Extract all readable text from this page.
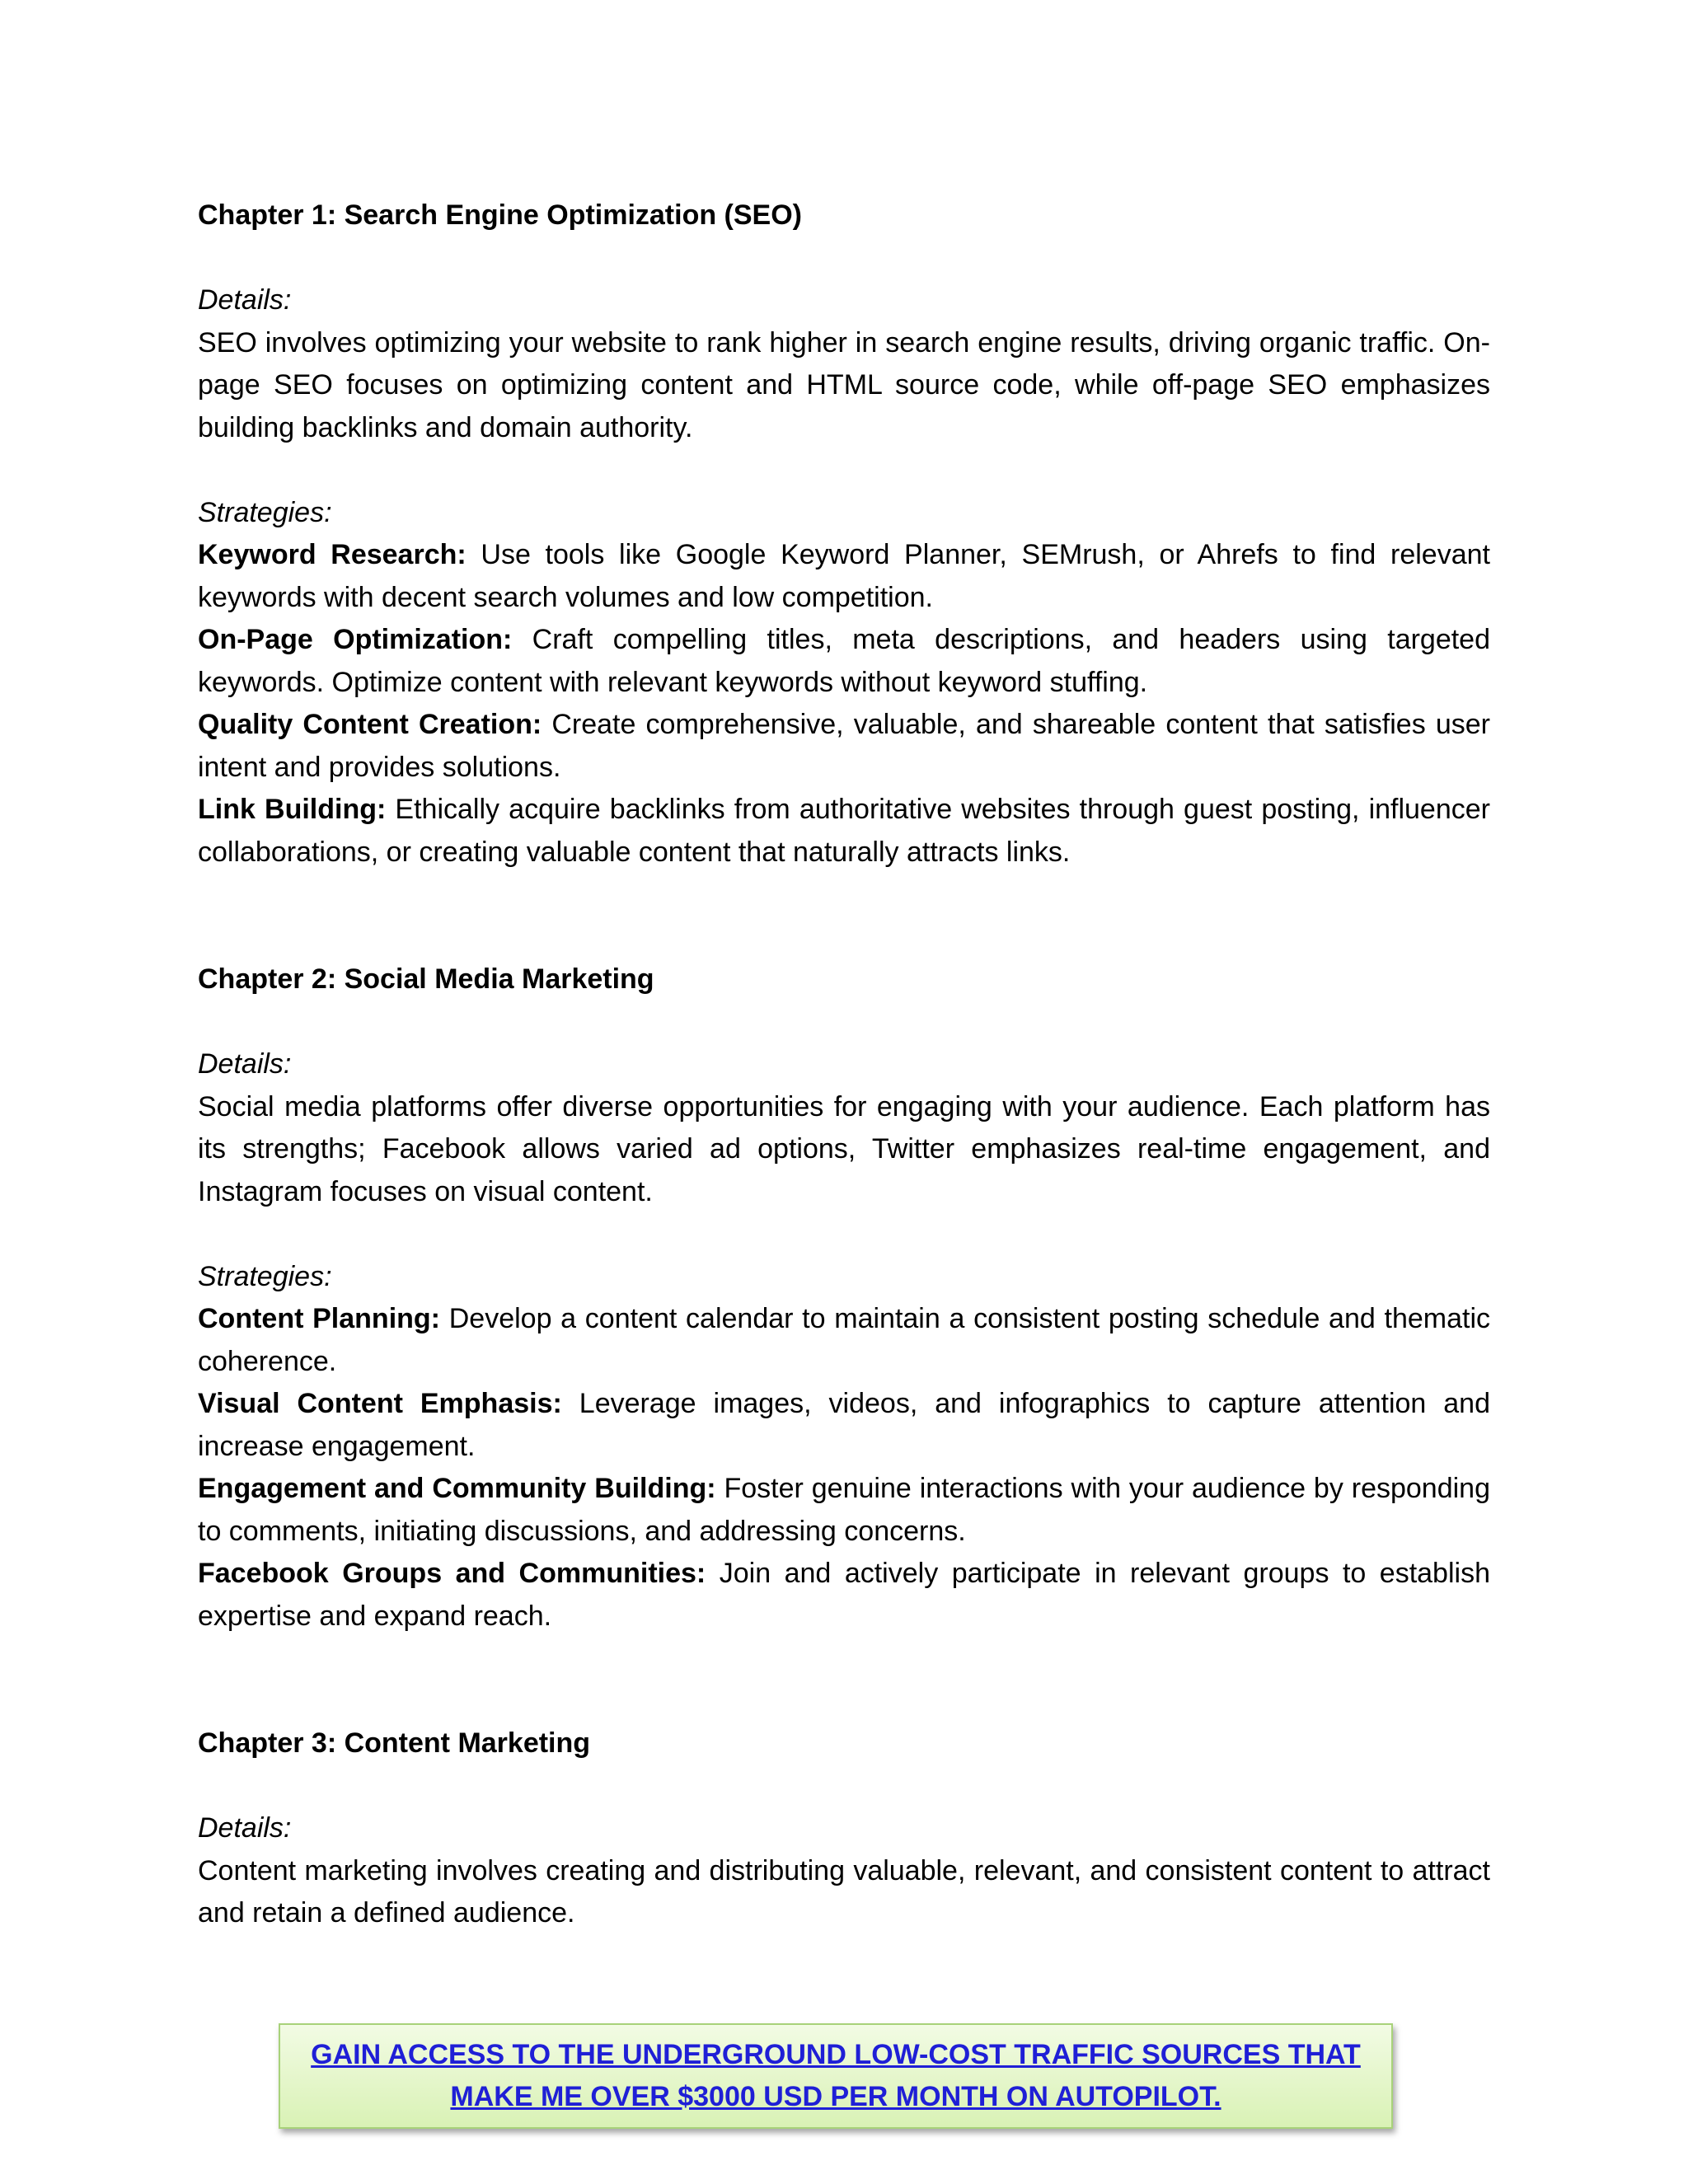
Chapter 1: Search Engine Optimization (SEO)

Details:

SEO involves optimizing your website to rank higher in search engine results, driving organic traffic. On-page SEO focuses on optimizing content and HTML source code, while off-page SEO emphasizes building backlinks and domain authority.

Strategies:

Keyword Research: Use tools like Google Keyword Planner, SEMrush, or Ahrefs to find relevant keywords with decent search volumes and low competition.

On-Page Optimization: Craft compelling titles, meta descriptions, and headers using targeted keywords. Optimize content with relevant keywords without keyword stuffing.

Quality Content Creation: Create comprehensive, valuable, and shareable content that satisfies user intent and provides solutions.

Link Building: Ethically acquire backlinks from authoritative websites through guest posting, influencer collaborations, or creating valuable content that naturally attracts links.

Chapter 2: Social Media Marketing

Details:

Social media platforms offer diverse opportunities for engaging with your audience. Each platform has its strengths; Facebook allows varied ad options, Twitter emphasizes real-time engagement, and Instagram focuses on visual content.

Strategies:

Content Planning: Develop a content calendar to maintain a consistent posting schedule and thematic coherence.

Visual Content Emphasis: Leverage images, videos, and infographics to capture attention and increase engagement.

Engagement and Community Building: Foster genuine interactions with your audience by responding to comments, initiating discussions, and addressing concerns.

Facebook Groups and Communities: Join and actively participate in relevant groups to establish expertise and expand reach.

Chapter 3: Content Marketing

Details:

Content marketing involves creating and distributing valuable, relevant, and consistent content to attract and retain a defined audience.

GAIN ACCESS TO THE UNDERGROUND LOW-COST TRAFFIC SOURCES THAT MAKE ME OVER $3000 USD PER MONTH ON AUTOPILOT.
